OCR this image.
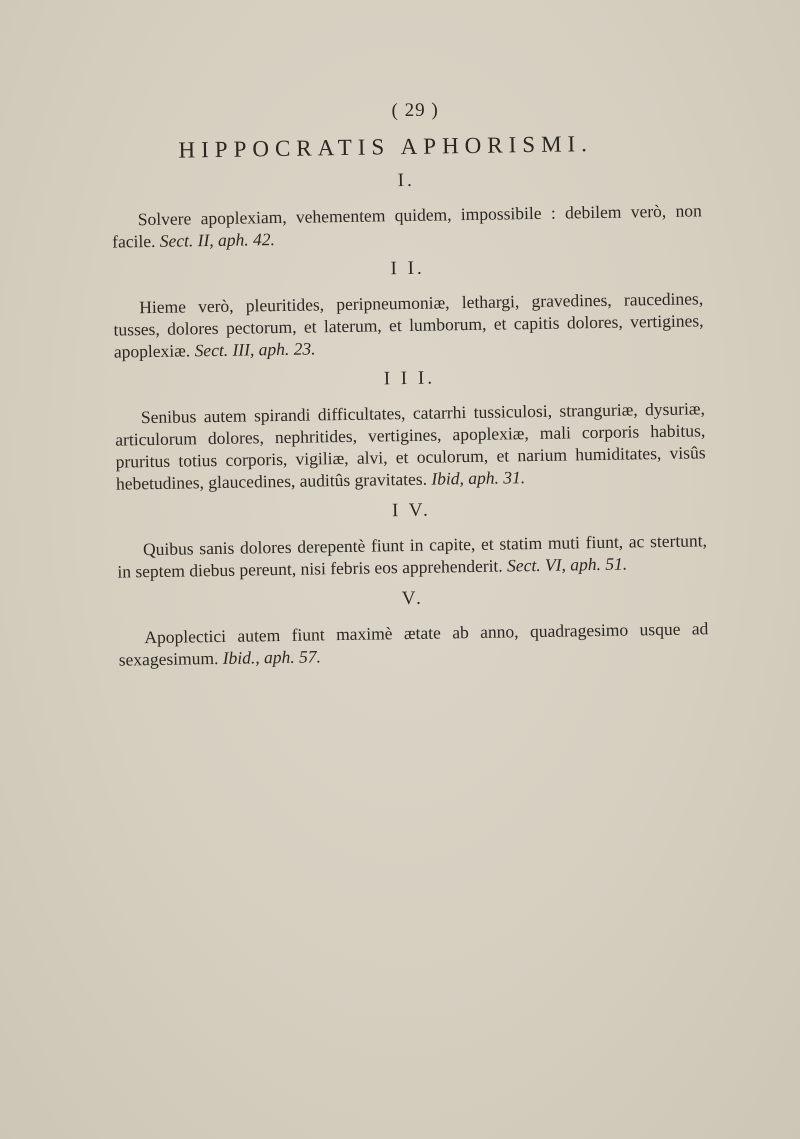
( 29 )
HIPPOCRATIS APHORISMI.
I.
Solvere apoplexiam, vehementem quidem, impossibile : debilem verò, non facile. Sect. II, aph. 42.
I I.
Hieme verò, pleuritides, peripneumoniæ, lethargi, gravedines, raucedines, tusses, dolores pectorum, et laterum, et lumborum, et capitis dolores, vertigines, apoplexiæ. Sect. III, aph. 23.
I I I.
Senibus autem spirandi difficultates, catarrhi tussiculosi, stranguriæ, dysuriæ, articulorum dolores, nephritides, vertigines, apoplexiæ, mali corporis habitus, pruritus totius corporis, vigiliæ, alvi, et oculorum, et narium humiditates, visûs hebetudines, glaucedines, auditûs gravitates. Ibid, aph. 31.
I V.
Quibus sanis dolores derepentè fiunt in capite, et statim muti fiunt, ac stertunt, in septem diebus pereunt, nisi febris eos apprehenderit. Sect. VI, aph. 51.
V.
Apoplectici autem fiunt maximè ætate ab anno, quadragesimo usque ad sexagesimum. Ibid., aph. 57.
